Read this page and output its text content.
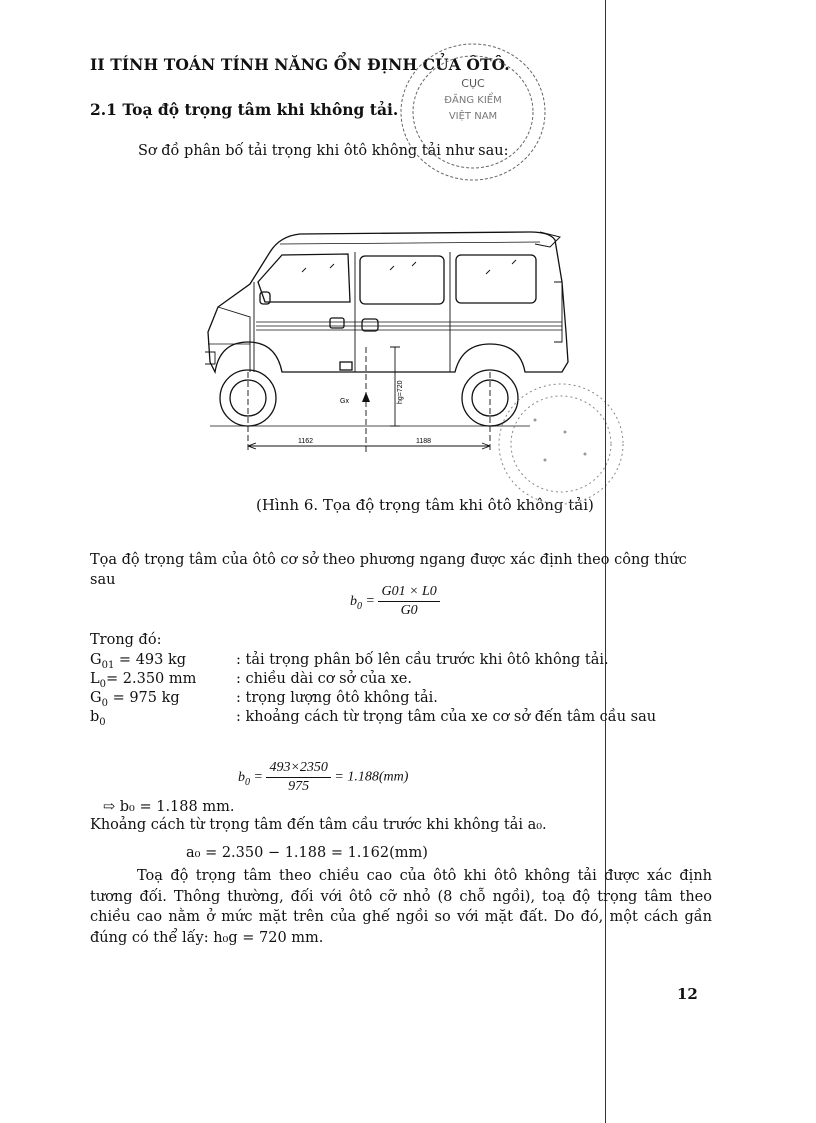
II TÍNH TOÁN TÍNH NĂNG ỔN ĐỊNH CỦA ÔTÔ.
2.1 Toạ độ trọng tâm khi không tải.
Sơ đồ phân bố tải trọng khi ôtô không tải như sau:
Gx	hg=720
1162	1188
(Hình 6. Tọa độ trọng tâm khi ôtô không tải)
CỤC
ĐĂNG KIỂM
VIỆT NAM
Tọa độ trọng tâm của ôtô cơ sở theo phương ngang được xác định theo công thức sau
$b_0 = \frac{G01 \times L0}{G0}$
Trong đó:
$G_{01} = 493$ kg	: tải trọng phân bố lên cầu trước khi ôtô không tải.
$L_0= 2.350$ mm	: chiều dài cơ sở của xe.
$G_0 = 975$ kg	: trọng lượng ôtô không tải.
$b_0$	: khoảng cách từ trọng tâm của xe cơ sở đến tâm cầu sau
$b_0 = \frac{493\times 2350}{975} = 1.188(mm)$
⇨ b₀ = 1.188 mm.
Khoảng cách từ trọng tâm đến tâm cầu trước khi không tải a₀.
a₀ = 2.350 − 1.188 = 1.162(mm)
Toạ độ trọng tâm theo chiều cao của ôtô khi ôtô không tải được xác định tương đối. Thông thường, đối với ôtô cỡ nhỏ (8 chỗ ngồi), toạ độ trọng tâm theo chiều cao nằm ở mức mặt trên của ghế ngồi so với mặt đất. Do đó, một cách gần đúng có thể lấy: h₀g = 720 mm.
12
